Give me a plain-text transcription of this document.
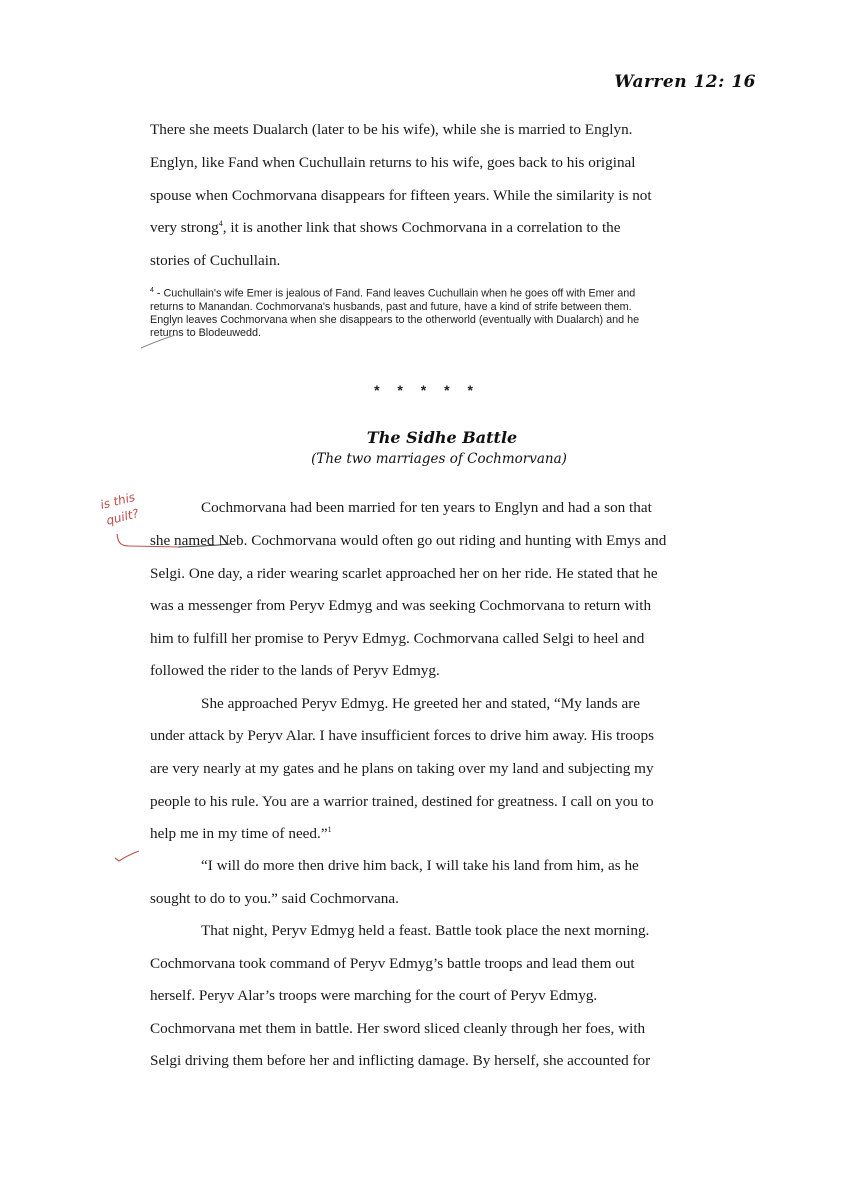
Warren 12: 16
There she meets Dualarch (later to be his wife), while she is married to Englyn.
Englyn, like Fand when Cuchullain returns to his wife, goes back to his original
spouse when Cochmorvana disappears for fifteen years. While the similarity is not
very strong$^4$, it is another link that shows Cochmorvana in a correlation to the
stories of Cuchullain.
$^4$ - Cuchullain's wife Emer is jealous of Fand. Fand leaves Cuchullain when he goes off with Emer and
returns to Manandan. Cochmorvana's husbands, past and future, have a kind of strife between them.
Englyn leaves Cochmorvana when she disappears to the otherworld (eventually with Dualarch) and he
returns to Blodeuwedd.
* * * * *
The Sidhe Battle
(The two marriages of Cochmorvana)
is this
quilt?	Cochmorvana had been married for ten years to Englyn and had a son that
she named Neb. Cochmorvana would often go out riding and hunting with Emys and
Selgi. One day, a rider wearing scarlet approached her on her ride. He stated that he
was a messenger from Peryv Edmyg and was seeking Cochmorvana to return with
him to fulfill her promise to Peryv Edmyg. Cochmorvana called Selgi to heel and
followed the rider to the lands of Peryv Edmyg.
She approached Peryv Edmyg. He greeted her and stated, “My lands are
under attack by Peryv Alar. I have insufficient forces to drive him away. His troops
are very nearly at my gates and he plans on taking over my land and subjecting my
people to his rule. You are a warrior trained, destined for greatness. I call on you to
help me in my time of need.”$^1$
“I will do more then drive him back, I will take his land from him, as he
sought to do to you.” said Cochmorvana.
That night, Peryv Edmyg held a feast. Battle took place the next morning.
Cochmorvana took command of Peryv Edmyg’s battle troops and lead them out
herself. Peryv Alar’s troops were marching for the court of Peryv Edmyg.
Cochmorvana met them in battle. Her sword sliced cleanly through her foes, with
Selgi driving them before her and inflicting damage. By herself, she accounted for
